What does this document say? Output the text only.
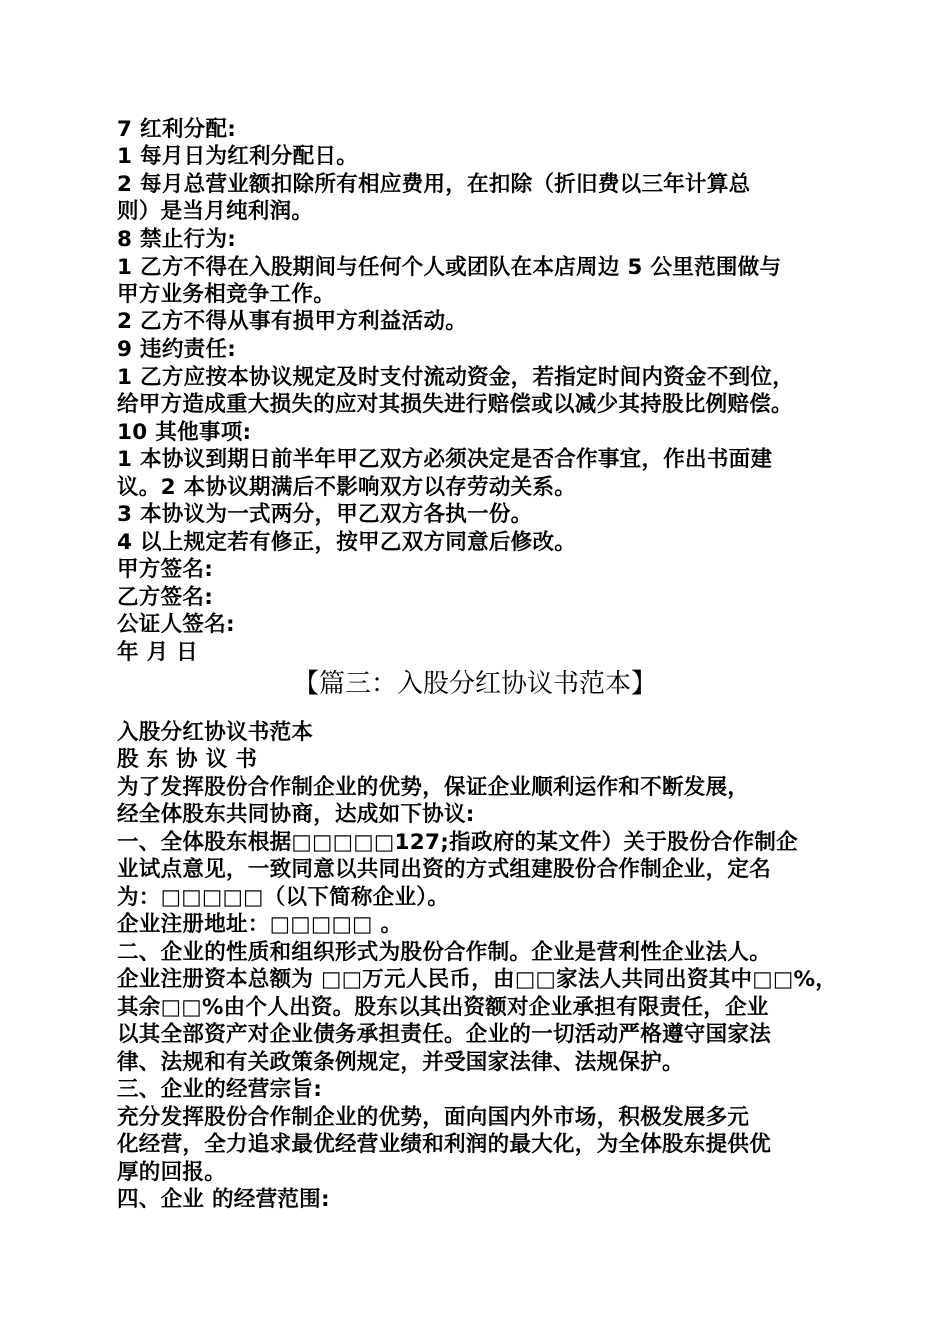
7 红利分配:
1 每月日为红利分配日。
2 每月总营业额扣除所有相应费用，在扣除（折旧费以三年计算总
则）是当月纯利润。
8 禁止行为:
1 乙方不得在入股期间与任何个人或团队在本店周边 5 公里范围做与
甲方业务相竞争工作。
2 乙方不得从事有损甲方利益活动。
9 违约责任:
1 乙方应按本协议规定及时支付流动资金，若指定时间内资金不到位，
给甲方造成重大损失的应对其损失进行赔偿或以减少其持股比例赔偿。
10 其他事项:
1 本协议到期日前半年甲乙双方必须决定是否合作事宜，作出书面建
议。2 本协议期满后不影响双方以存劳动关系。
3 本协议为一式两分，甲乙双方各执一份。
4 以上规定若有修正，按甲乙双方同意后修改。
甲方签名:
乙方签名:
公证人签名:
年 月 日
【篇三：入股分红协议书范本】
入股分红协议书范本
股 东 协 议 书
为了发挥股份合作制企业的优势，保证企业顺利运作和不断发展，
经全体股东共同协商，达成如下协议:
一、全体股东根据□□□□□127;指政府的某文件）关于股份合作制企
业试点意见，一致同意以共同出资的方式组建股份合作制企业，定名
为：□□□□□（以下简称企业）。
企业注册地址：□□□□□ 。
二、企业的性质和组织形式为股份合作制。企业是营利性企业法人。
企业注册资本总额为 □□万元人民币，由□□家法人共同出资其中□□%，
其余□□%由个人出资。股东以其出资额对企业承担有限责任，企业
以其全部资产对企业债务承担责任。企业的一切活动严格遵守国家法
律、法规和有关政策条例规定，并受国家法律、法规保护。
三、企业的经营宗旨:
充分发挥股份合作制企业的优势，面向国内外市场，积极发展多元
化经营，全力追求最优经营业绩和利润的最大化，为全体股东提供优
厚的回报。
四、企业 的经营范围:
